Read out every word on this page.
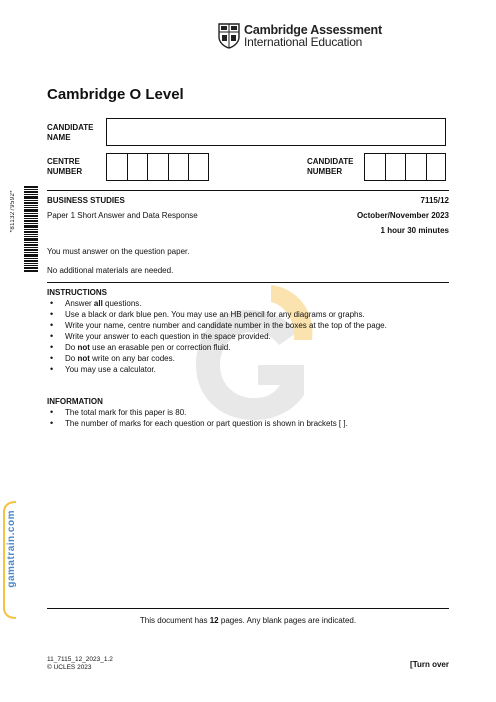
Cambridge Assessment
International Education
Cambridge O Level
CANDIDATE NAME
CENTRE NUMBER
CANDIDATE NUMBER
BUSINESS STUDIES	7115/12
Paper 1 Short Answer and Data Response	October/November 2023
1 hour 30 minutes
You must answer on the question paper.
No additional materials are needed.
INSTRUCTIONS
• Answer all questions.
• Use a black or dark blue pen. You may use an HB pencil for any diagrams or graphs.
• Write your name, centre number and candidate number in the boxes at the top of the page.
• Write your answer to each question in the space provided.
• Do not use an erasable pen or correction fluid.
• Do not write on any bar codes.
• You may use a calculator.
INFORMATION
• The total mark for this paper is 80.
• The number of marks for each question or part question is shown in brackets [ ].
*8113279592*
gamatrain.com
This document has 12 pages. Any blank pages are indicated.
11_7115_12_2023_1.2
© UCLES 2023	[Turn over
